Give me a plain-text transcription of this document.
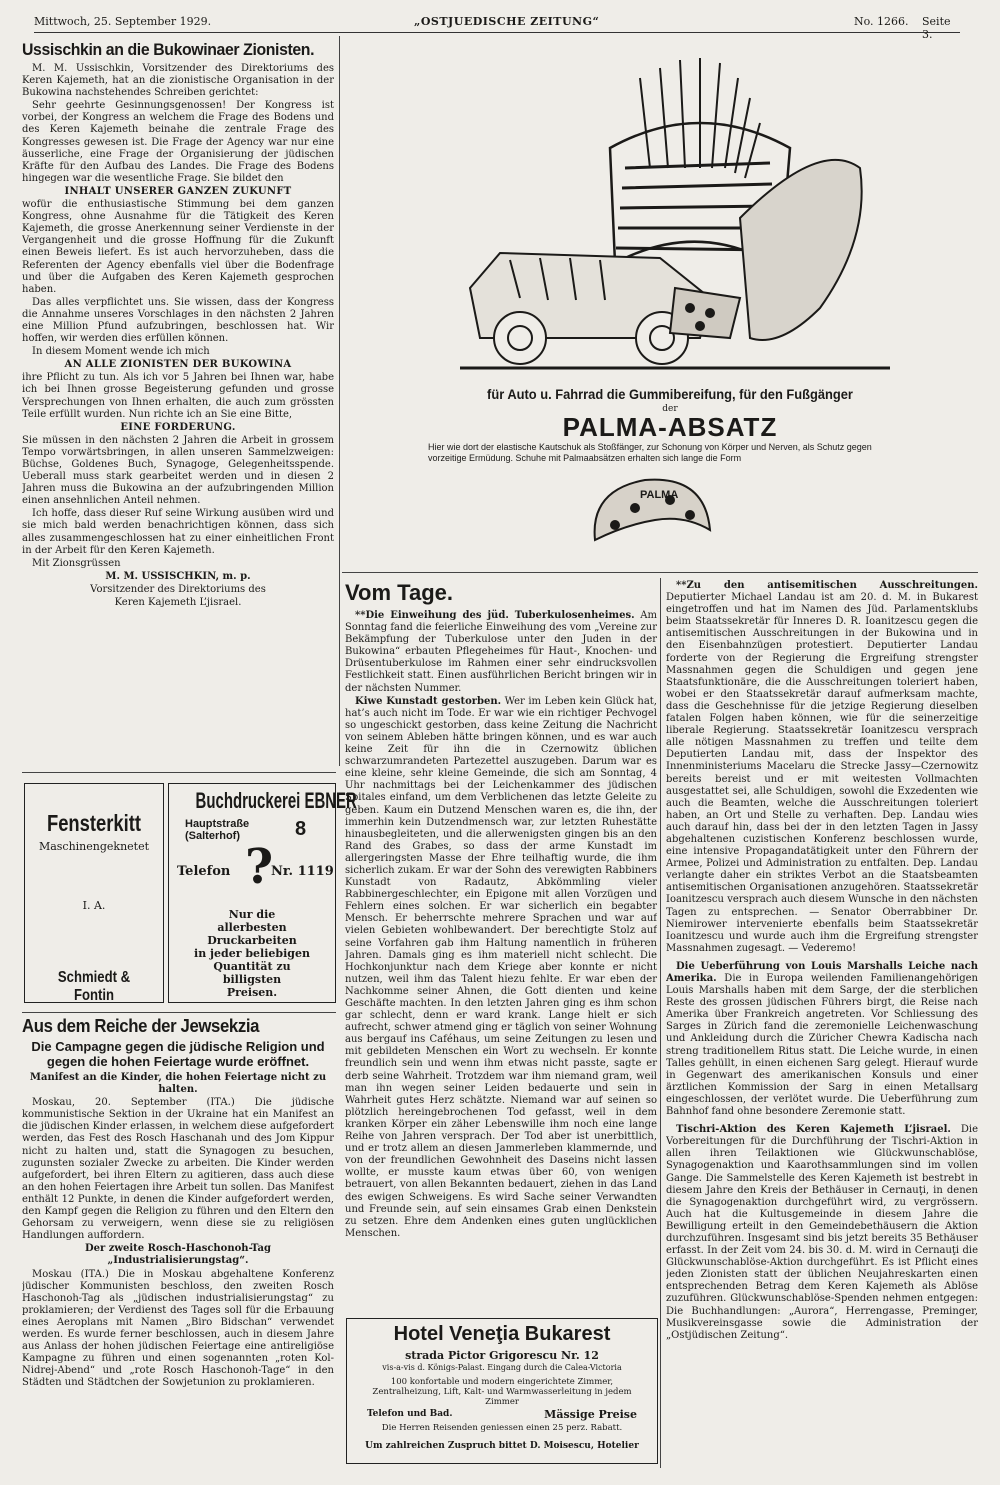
Mittwoch, 25. September 1929.	„OSTJUEDISCHE ZEITUNG“	No. 1266. Seite 3.
Ussischkin an die Bukowinaer Zionisten.

M. M. Ussischkin, Vorsitzender des Direktoriums des Keren Kajemeth, hat an die zionistische Organisation in der Bukowina nachstehendes Schreiben gerichtet:

Sehr geehrte Gesinnungsgenossen! Der Kongress ist vorbei, der Kongress an welchem die Frage des Bodens und des Keren Kajemeth beinahe die zentrale Frage des Kongresses gewesen ist. Die Frage der Agency war nur eine äusserliche, eine Frage der Organisierung der jüdischen Kräfte für den Aufbau des Landes. Die Frage des Bodens hingegen war die wesentliche Frage. Sie bildet den

INHALT UNSERER GANZEN ZUKUNFT

wofür die enthusiastische Stimmung bei dem ganzen Kongress, ohne Ausnahme für die Tätigkeit des Keren Kajemeth, die grosse Anerkennung seiner Verdienste in der Vergangenheit und die grosse Hoffnung für die Zukunft einen Beweis liefert. Es ist auch hervorzuheben, dass die Referenten der Agency ebenfalls viel über die Bodenfrage und über die Aufgaben des Keren Kajemeth gesprochen haben.

Das alles verpflichtet uns. Sie wissen, dass der Kongress die Annahme unseres Vorschlages in den nächsten 2 Jahren eine Million Pfund aufzubringen, beschlossen hat. Wir hoffen, wir werden dies erfüllen können.

In diesem Moment wende ich mich

AN ALLE ZIONISTEN DER BUKOWINA

ihre Pflicht zu tun. Als ich vor 5 Jahren bei Ihnen war, habe ich bei Ihnen grosse Begeisterung gefunden und grosse Versprechungen von Ihnen erhalten, die auch zum grössten Teile erfüllt wurden. Nun richte ich an Sie eine Bitte,

EINE FORDERUNG.

Sie müssen in den nächsten 2 Jahren die Arbeit in grossem Tempo vorwärtsbringen, in allen unseren Sammelzweigen: Büchse, Goldenes Buch, Synagoge, Gelegenheitsspende. Ueberall muss stark gearbeitet werden und in diesen 2 Jahren muss die Bukowina an der aufzubringenden Million einen ansehnlichen Anteil nehmen.

Ich hoffe, dass dieser Ruf seine Wirkung ausüben wird und sie mich bald werden benachrichtigen können, dass sich alles zusammengeschlossen hat zu einer einheitlichen Front in der Arbeit für den Keren Kajemeth.

Mit Zionsgrüssen

M. M. USSISCHKIN, m. p.

Vorsitzender des Direktoriums des

Keren Kajemeth L’jisrael.

Fensterkitt
Maschinengeknetet
I. A.
Schmiedt & Fontin
Buchdruckerei EBNER
Hauptstraße
(Salterhof)	8
Telefon ?
Nr. 1119
Nur die
allerbesten
Druckarbeiten
in jeder beliebigen
Quantität zu
billigsten
Preisen.
Aus dem Reiche der Jewsekzia
Die Campagne gegen die jüdische Religion und gegen die hohen Feiertage wurde eröffnet.

Manifest an die Kinder, die hohen Feiertage nicht zu halten.

Moskau, 20. September (ITA.) Die jüdische kommunistische Sektion in der Ukraine hat ein Manifest an die jüdischen Kinder erlassen, in welchem diese aufgefordert werden, das Fest des Rosch Haschanah und des Jom Kippur nicht zu halten und, statt die Synagogen zu besuchen, zugunsten sozialer Zwecke zu arbeiten. Die Kinder werden aufgefordert, bei ihren Eltern zu agitieren, dass auch diese an den hohen Feiertagen ihre Arbeit tun sollen. Das Manifest enthält 12 Punkte, in denen die Kinder aufgefordert werden, den Kampf gegen die Religion zu führen und den Eltern den Gehorsam zu verweigern, wenn diese sie zu religiösen Handlungen auffordern.

Der zweite Rosch-Haschonoh-Tag „Industrialisierungstag“.

Moskau (ITA.) Die in Moskau abgehaltene Konferenz jüdischer Kommunisten beschloss, den zweiten Rosch Haschonoh-Tag als „jüdischen industrialisierungstag“ zu proklamieren; der Verdienst des Tages soll für die Erbauung eines Aeroplans mit Namen „Biro Bidschan“ verwendet werden. Es wurde ferner beschlossen, auch in diesem Jahre aus Anlass der hohen jüdischen Feiertage eine antireligiöse Kampagne zu führen und einen sogenannten „roten Kol-Nidrej-Abend“ und „rote Rosch Haschonoh-Tage“ in den Städten und Städtchen der Sowjetunion zu proklamieren.

für Auto u. Fahrrad die Gummibereifung, für den Fußgänger
der
PALMA-ABSATZ
Hier wie dort der elastische Kautschuk als Stoßfänger, zur Schonung von Körper und Nerven, als Schutz gegen vorzeitige Ermüdung. Schuhe mit Palmaabsätzen erhalten sich lange die Form
PALMA
Vom Tage.

**Die Einweihung des jüd. Tuberkulosenheimes. Am Sonntag fand die feierliche Einweihung des vom „Vereine zur Bekämpfung der Tuberkulose unter den Juden in der Bukowina“ erbauten Pflegeheimes für Haut-, Knochen- und Drüsentuberkulose im Rahmen einer sehr eindrucksvollen Festlichkeit statt. Einen ausführlichen Bericht bringen wir in der nächsten Nummer.

Kiwe Kunstadt gestorben. Wer im Leben kein Glück hat, hat’s auch nicht im Tode. Er war wie ein richtiger Pechvogel so ungeschickt gestorben, dass keine Zeitung die Nachricht von seinem Ableben hätte bringen können, und es war auch keine Zeit für ihn die in Czernowitz üblichen schwarzumrandeten Partezettel auszugeben. Darum war es eine kleine, sehr kleine Gemeinde, die sich am Sonntag, 4 Uhr nachmittags bei der Leichenkammer des jüdischen Spitales einfand, um dem Verblichenen das letzte Geleite zu geben. Kaum ein Dutzend Menschen waren es, die ihn, der immerhin kein Dutzendmensch war, zur letzten Ruhestätte hinausbegleiteten, und die allerwenigsten gingen bis an den Rand des Grabes, so dass der arme Kunstadt im allergeringsten Masse der Ehre teilhaftig wurde, die ihm sicherlich zukam. Er war der Sohn des verewigten Rabbiners Kunstadt von Radautz, Abkömmling vieler Rabbinergeschlechter, ein Epigone mit allen Vorzügen und Fehlern eines solchen. Er war sicherlich ein begabter Mensch. Er beherrschte mehrere Sprachen und war auf vielen Gebieten wohlbewandert. Der berechtigte Stolz auf seine Vorfahren gab ihm Haltung namentlich in früheren Jahren. Damals ging es ihm materiell nicht schlecht. Die Hochkonjunktur nach dem Kriege aber konnte er nicht nutzen, weil ihm das Talent hiezu fehlte. Er war eben der Nachkomme seiner Ahnen, die Gott dienten und keine Geschäfte machten. In den letzten Jahren ging es ihm schon gar schlecht, denn er ward krank. Lange hielt er sich aufrecht, schwer atmend ging er täglich von seiner Wohnung aus bergauf ins Caféhaus, um seine Zeitungen zu lesen und mit gebildeten Menschen ein Wort zu wechseln. Er konnte freundlich sein und wenn ihm etwas nicht passte, sagte er derb seine Wahrheit. Trotzdem war ihm niemand gram, weil man ihn wegen seiner Leiden bedauerte und sein in Wahrheit gutes Herz schätzte. Niemand war auf seinen so plötzlich hereingebrochenen Tod gefasst, weil in dem kranken Körper ein zäher Lebenswille ihm noch eine lange Reihe von Jahren versprach. Der Tod aber ist unerbittlich, und er trotz allem an diesen Jammerleben klammernde, und von der freundlichen Gewohnheit des Daseins nicht lassen wollte, er musste kaum etwas über 60, von wenigen betrauert, von allen Bekannten bedauert, ziehen in das Land des ewigen Schweigens. Es wird Sache seiner Verwandten und Freunde sein, auf sein einsames Grab einen Denkstein zu setzen. Ehre dem Andenken eines guten unglücklichen Menschen.

Hotel Veneţia Bukarest
strada Pictor Grigorescu Nr. 12
vis-a-vis d. Königs-Palast. Eingang durch die Calea-Victoria
100 konfortable und modern eingerichtete Zimmer, Zentralheizung, Lift, Kalt- und Warmwasserleitung in jedem Zimmer
Telefon und Bad.	Mässige Preise
Die Herren Reisenden geniessen einen 25 perz. Rabatt.
Um zahlreichen Zuspruch bittet D. Moisescu, Hotelier

**Zu den antisemitischen Ausschreitungen. Deputierter Michael Landau ist am 20. d. M. in Bukarest eingetroffen und hat im Namen des Jüd. Parlamentsklubs beim Staatssekretär für Inneres D. R. Ioanitzescu gegen die antisemitischen Ausschreitungen in der Bukowina und in den Eisenbahnzügen protestiert. Deputierter Landau forderte von der Regierung die Ergreifung strengster Massnahmen gegen die Schuldigen und gegen jene Staatsfunktionäre, die die Ausschreitungen toleriert haben, wobei er den Staatssekretär darauf aufmerksam machte, dass die Geschehnisse für die jetzige Regierung dieselben fatalen Folgen haben können, wie für die seinerzeitige liberale Regierung. Staatssekretär Ioanitzescu versprach alle nötigen Massnahmen zu treffen und teilte dem Deputierten Landau mit, dass der Inspektor des Innenministeriums Macelaru die Strecke Jassy—Czernowitz bereits bereist und er mit weitesten Vollmachten ausgestattet sei, alle Schuldigen, sowohl die Exzedenten wie auch die Beamten, welche die Ausschreitungen toleriert haben, an Ort und Stelle zu verhaften. Dep. Landau wies auch darauf hin, dass bei der in den letzten Tagen in Jassy abgehaltenen cuzistischen Konferenz beschlossen wurde, eine intensive Propagandatätigkeit unter den Führern der Armee, Polizei und Administration zu entfalten. Dep. Landau verlangte daher ein striktes Verbot an die Staatsbeamten antisemitischen Organisationen anzugehören. Staatssekretär Ioanitzescu versprach auch diesem Wunsche in den nächsten Tagen zu entsprechen. — Senator Oberrabbiner Dr. Niemirower intervenierte ebenfalls beim Staatssekretär Ioanitzescu und wurde auch ihm die Ergreifung strengster Massnahmen zugesagt. — Vederemo!

Die Ueberführung von Louis Marshalls Leiche nach Amerika. Die in Europa weilenden Familienangehörigen Louis Marshalls haben mit dem Sarge, der die sterblichen Reste des grossen jüdischen Führers birgt, die Reise nach Amerika über Frankreich angetreten. Vor Schliessung des Sarges in Zürich fand die zeremonielle Leichenwaschung und Ankleidung durch die Züricher Chewra Kadischa nach streng traditionellem Ritus statt. Die Leiche wurde, in einen Talles gehüllt, in einen eichenen Sarg gelegt. Hierauf wurde in Gegenwart des amerikanischen Konsuls und einer ärztlichen Kommission der Sarg in einen Metallsarg eingeschlossen, der verlötet wurde. Die Ueberführung zum Bahnhof fand ohne besondere Zeremonie statt.

Tischri-Aktion des Keren Kajemeth L’jisrael. Die Vorbereitungen für die Durchführung der Tischri-Aktion in allen ihren Teilaktionen wie Glückwunschablöse, Synagogenaktion und Kaarothsammlungen sind im vollen Gange. Die Sammelstelle des Keren Kajemeth ist bestrebt in diesem Jahre den Kreis der Bethäuser in Cernauţi, in denen die Synagogenaktion durchgeführt wird, zu vergrössern. Auch hat die Kultusgemeinde in diesem Jahre die Bewilligung erteilt in den Gemeindebethäusern die Aktion durchzuführen. Insgesamt sind bis jetzt bereits 35 Bethäuser erfasst. In der Zeit vom 24. bis 30. d. M. wird in Cernauţi die Glückwunschablöse-Aktion durchgeführt. Es ist Pflicht eines jeden Zionisten statt der üblichen Neujahreskarten einen entsprechenden Betrag dem Keren Kajemeth als Ablöse zuzuführen. Glückwunschablöse-Spenden nehmen entgegen: Die Buchhandlungen: „Aurora“, Herrengasse, Preminger, Musikvereinsgasse sowie die Administration der „Ostjüdischen Zeitung“.
